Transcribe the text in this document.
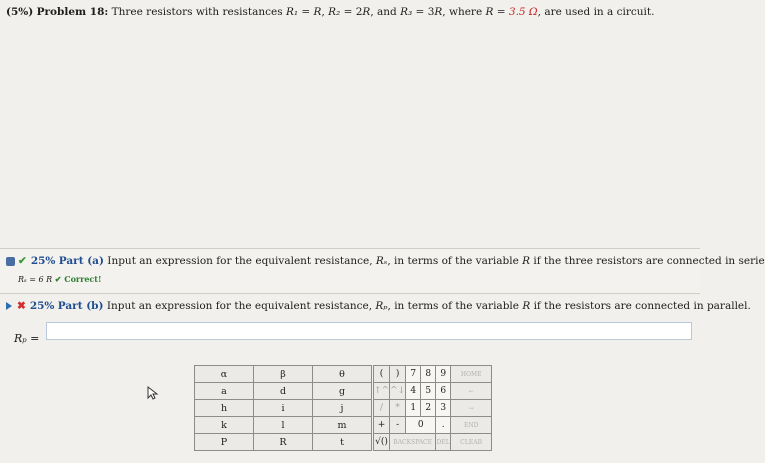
(5%) Problem 18: Three resistors with resistances R₁ = R, R₂ = 2R, and R₃ = 3R, where R = 3.5 Ω, are used in a circuit.
✔ 25% Part (a) Input an expression for the equivalent resistance, Rₛ, in terms of the variable R if the three resistors are connected in serie
Rₛ = 6 R ✔ Correct!
✖ 25% Part (b) Input an expression for the equivalent resistance, Rₚ, in terms of the variable R if the resistors are connected in parallel.
Rₚ =
α	β	θ
a	d	g
h	i	j
k	l	m
P	R	t
(	)	7	8	9	HOME
↑^	^↓	4	5	6	←
/	*	1	2	3	→
+	-	0		.	END
√()	BACKSPACE			DEL	CLEAR
